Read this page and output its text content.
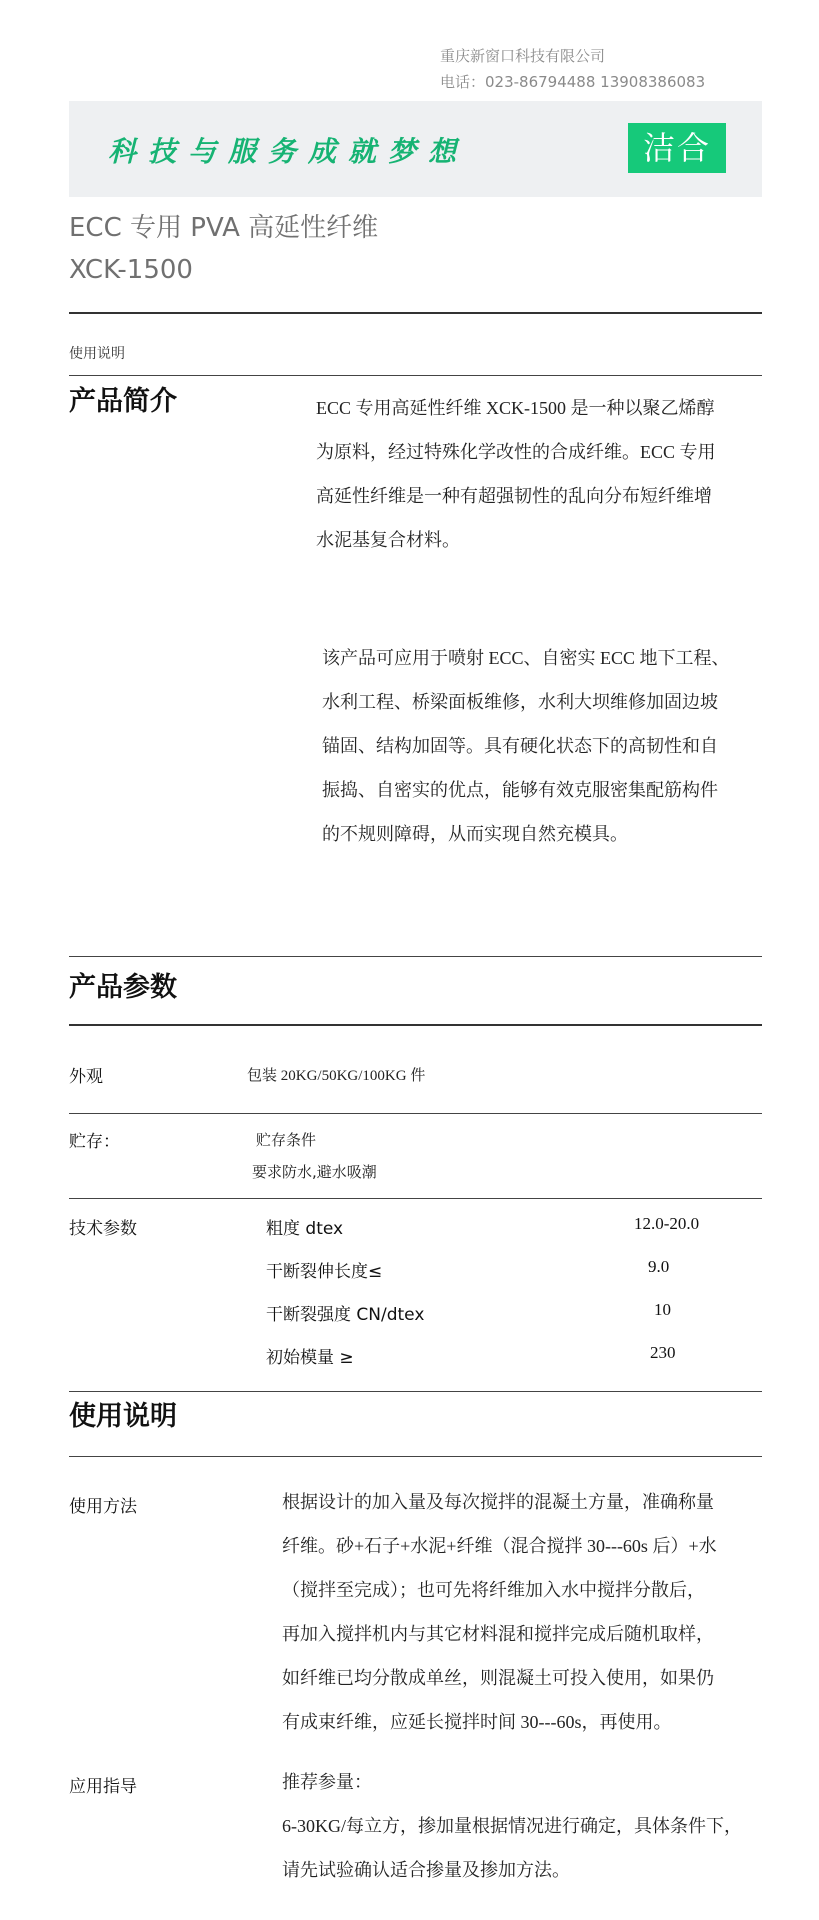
重庆新窗口科技有限公司
电话：023-86794488 13908386083
科技与服务成就梦想	洁合
ECC 专用 PVA 高延性纤维
XCK-1500
使用说明
产品简介	ECC 专用高延性纤维 XCK-1500 是一种以聚乙烯醇
为原料，经过特殊化学改性的合成纤维。ECC 专用
高延性纤维是一种有超强韧性的乱向分布短纤维增
水泥基复合材料。
该产品可应用于喷射 ECC、自密实 ECC 地下工程、
水利工程、桥梁面板维修，水利大坝维修加固边坡
锚固、结构加固等。具有硬化状态下的高韧性和自
振捣、自密实的优点，能够有效克服密集配筋构件
的不规则障碍，从而实现自然充模具。
产品参数
外观	包装 20KG/50KG/100KG 件
贮存：	贮存条件
要求防水,避水吸潮
技术参数	粗度 dtex	12.0-20.0
干断裂伸长度≤	9.0
干断裂强度 CN/dtex	10
初始模量 ≥	230
使用说明
使用方法	根据设计的加入量及每次搅拌的混凝土方量，准确称量
纤维。砂+石子+水泥+纤维（混合搅拌 30---60s 后）+水
（搅拌至完成）；也可先将纤维加入水中搅拌分散后，
再加入搅拌机内与其它材料混和搅拌完成后随机取样，
如纤维已均分散成单丝，则混凝土可投入使用，如果仍
有成束纤维，应延长搅拌时间 30---60s，再使用。
应用指导	推荐参量：
6-30KG/每立方，掺加量根据情况进行确定，具体条件下，
请先试验确认适合掺量及掺加方法。
